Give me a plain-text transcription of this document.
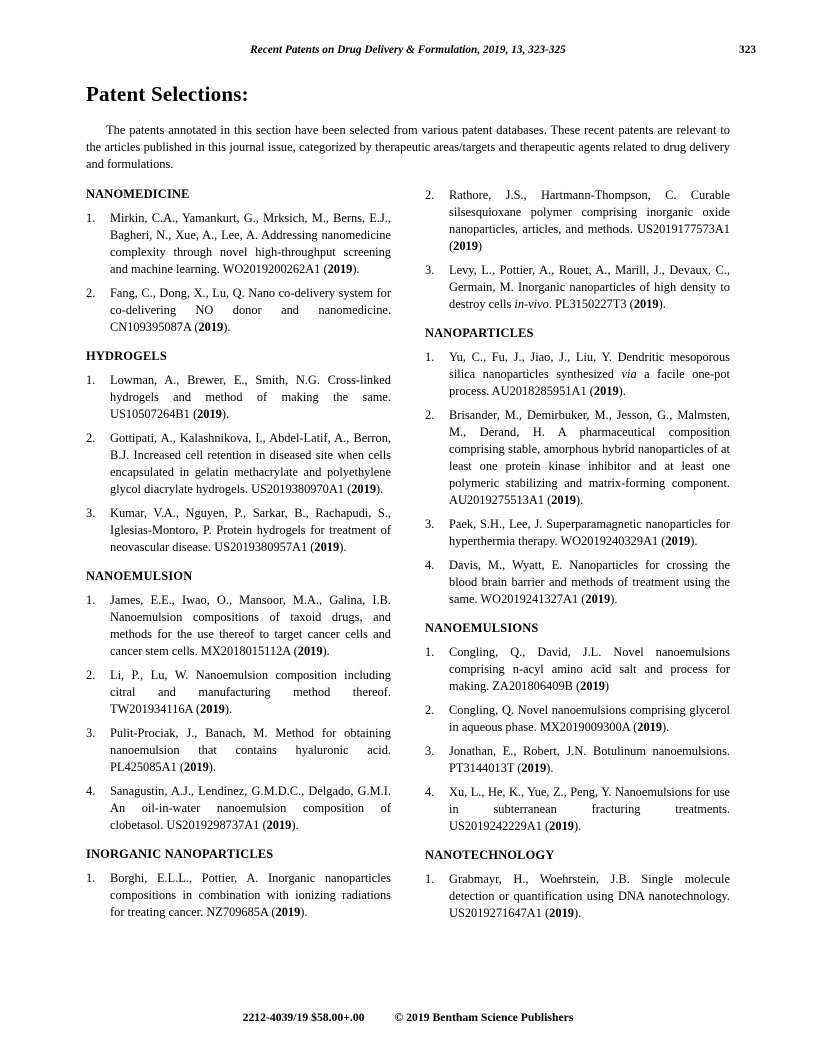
Recent Patents on Drug Delivery & Formulation, 2019, 13, 323-325	323
Patent Selections:

The patents annotated in this section have been selected from various patent databases. These recent patents are relevant to the articles published in this journal issue, categorized by therapeutic areas/targets and therapeutic agents related to drug delivery and formulations.

NANOMEDICINE

1. Mirkin, C.A., Yamankurt, G., Mrksich, M., Berns, E.J., Bagheri, N., Xue, A., Lee, A. Addressing nanomedicine complexity through novel high-throughput screening and machine learning. WO2019200262A1 (2019).

2. Fang, C., Dong, X., Lu, Q. Nano co-delivery system for co-delivering NO donor and nanomedicine. CN109395087A (2019).

HYDROGELS

1. Lowman, A., Brewer, E., Smith, N.G. Cross-linked hydrogels and method of making the same. US10507264B1 (2019).

2. Gottipati, A., Kalashnikova, I., Abdel-Latif, A., Berron, B.J. Increased cell retention in diseased site when cells encapsulated in gelatin methacrylate and polyethylene glycol diacrylate hydrogels. US2019380970A1 (2019).

3. Kumar, V.A., Nguyen, P., Sarkar, B., Rachapudi, S., Iglesias-Montoro, P. Protein hydrogels for treatment of neovascular disease. US2019380957A1 (2019).

NANOEMULSION

1. James, E.E., Iwao, O., Mansoor, M.A., Galina, I.B. Nanoemulsion compositions of taxoid drugs, and methods for the use thereof to target cancer cells and cancer stem cells. MX2018015112A (2019).

2. Li, P., Lu, W. Nanoemulsion composition including citral and manufacturing method thereof. TW201934116A (2019).

3. Pulit-Prociak, J., Banach, M. Method for obtaining nanoemulsion that contains hyaluronic acid. PL425085A1 (2019).

4. Sanagustin, A.J., Lendínez, G.M.D.C., Delgado, G.M.I. An oil-in-water nanoemulsion composition of clobetasol. US2019298737A1 (2019).

INORGANIC NANOPARTICLES

1. Borghi, E.L.L., Pottier, A. Inorganic nanoparticles compositions in combination with ionizing radiations for treating cancer. NZ709685A (2019).

2. Rathore, J.S., Hartmann-Thompson, C. Curable silsesquioxane polymer comprising inorganic oxide nanoparticles, articles, and methods. US2019177573A1 (2019)

3. Levy, L., Pottier, A., Rouet, A., Marill, J., Devaux, C., Germain, M. Inorganic nanoparticles of high density to destroy cells in-vivo. PL3150227T3 (2019).

NANOPARTICLES

1. Yu, C., Fu, J., Jiao, J., Liu, Y. Dendritic mesoporous silica nanoparticles synthesized via a facile one-pot process. AU2018285951A1 (2019).

2. Brisander, M., Demirbuker, M., Jesson, G., Malmsten, M., Derand, H. A pharmaceutical composition comprising stable, amorphous hybrid nanoparticles of at least one protein kinase inhibitor and at least one polymeric stabilizing and matrix-forming component. AU2019275513A1 (2019).

3. Paek, S.H., Lee, J. Superparamagnetic nanoparticles for hyperthermia therapy. WO2019240329A1 (2019).

4. Davis, M., Wyatt, E. Nanoparticles for crossing the blood brain barrier and methods of treatment using the same. WO2019241327A1 (2019).

NANOEMULSIONS

1. Congling, Q., David, J.L. Novel nanoemulsions comprising n-acyl amino acid salt and process for making. ZA201806409B (2019)

2. Congling, Q. Novel nanoemulsions comprising glycerol in aqueous phase. MX2019009300A (2019).

3. Jonathan, E., Robert, J.N. Botulinum nanoemulsions. PT3144013T (2019).

4. Xu, L., He, K., Yue, Z., Peng, Y. Nanoemulsions for use in subterranean fracturing treatments. US2019242229A1 (2019).

NANOTECHNOLOGY

1. Grabmayr, H., Woehrstein, J.B. Single molecule detection or quantification using DNA nanotechnology. US2019271647A1 (2019).

2212-4039/19 $58.00+.00	© 2019 Bentham Science Publishers
